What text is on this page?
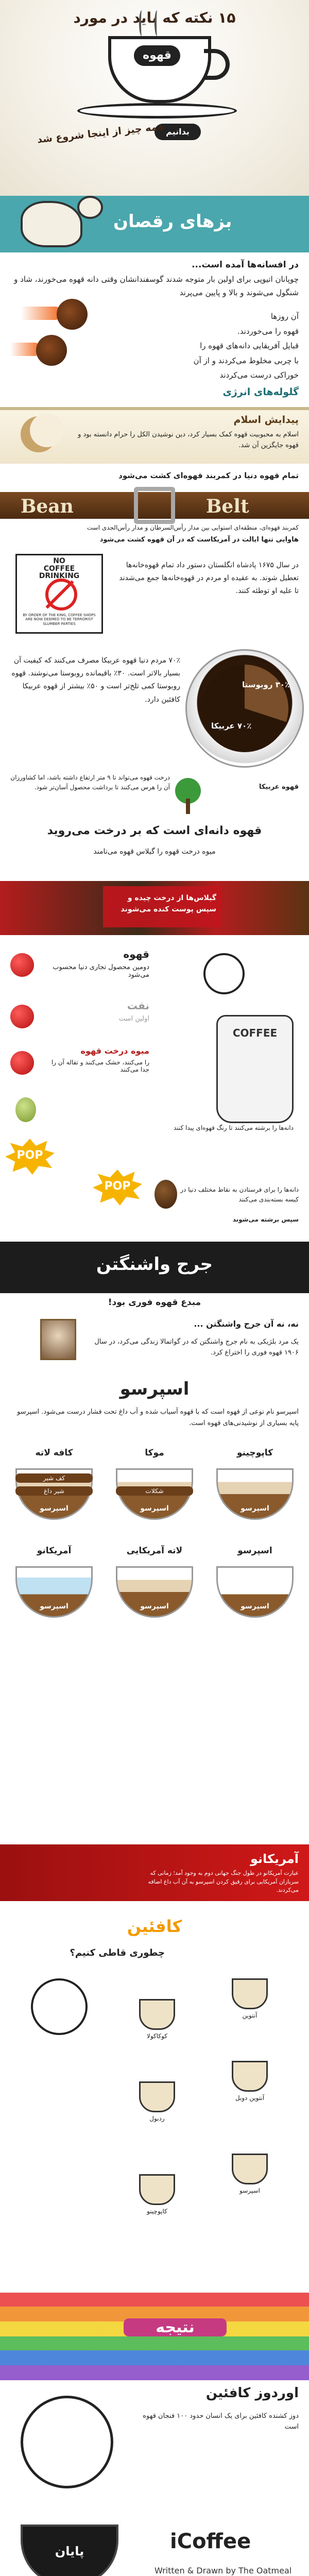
۱۵ نکته که باید در مورد
قهوه
بدانیم
همه چیز از اینجا شروع شد
بزهای رقصان
در افسانه‌ها آمده است...
چوپانان اتیوپی برای اولین بار متوجه شدند گوسفندانشان وقتی دانه قهوه می‌خورند، شاد و شنگول می‌شوند و بالا و پایین می‌پرند
آن روزها
قهوه را می‌خوردند.
قبایل آفریقایی دانه‌های قهوه را
با چربی مخلوط می‌کردند و از آن
خوراکی درست می‌کردند
گلوله‌های انرژی
پیدایش اسلام
اسلام به محبوبیت قهوه کمک بسیار کرد، دین نوشیدن الکل را حرام دانسته بود و قهوه جایگزین آن شد.
تمام قهوه دنیا در کمربند قهوه‌ای کشت می‌شود
Bean	Belt
کمربند قهوه‌ای، منطقه‌ای استوایی بین مدار رأس‌السرطان و مدار رأس‌الجدی است
هاوایی تنها ایالت در آمریکاست که در آن قهوه کشت می‌شود
NO
COFFEE
DRINKING
BY ORDER OF THE KING, COFFEE SHOPS ARE NOW DEEMED TO BE TERRORIST SLUMBER PARTIES
در سال ۱۶۷۵ پادشاه انگلستان دستور داد تمام قهوه‌خانه‌ها تعطیل شوند. به عقیده او مردم در قهوه‌خانه‌ها جمع می‌شدند تا علیه او توطئه کنند.
۳۰٪ روبوستا
۷۰٪ عربیکا
۷۰٪ مردم دنیا قهوه عربیکا مصرف می‌کنند که کیفیت آن بسیار بالاتر است. ۳۰٪ باقیمانده روبوستا می‌نوشند. قهوه روبوستا کمی تلخ‌تر است و ۵۰٪ بیشتر از قهوه عربیکا کافئین دارد.
قهوه عربیکا
درخت قهوه می‌تواند تا ۹ متر ارتفاع داشته باشد، اما کشاورزان آن را هرس می‌کنند تا برداشت محصول آسان‌تر شود.
قهوه دانه‌ای است که بر درخت می‌روید
میوه درخت قهوه را گیلاس قهوه می‌نامند
گیلاس‌ها از درخت چیده و سپس پوست کنده می‌شوند
قهوه
دومین محصول تجاری دنیا محسوب می‌شود
نفت
اولین است
میوه درخت قهوه
را می‌کنند، خشک می‌کنند و تفاله آن را جدا می‌کنند
POP
POP
COFFEE
دانه‌ها را برشته می‌کنند تا رنگ قهوه‌ای پیدا کنند
دانه‌ها را برای فرستادن به نقاط مختلف دنیا در کیسه بسته‌بندی می‌کنند
سپس برشته می‌شوند
جرج واشنگتن
مبدع قهوه فوری بود!
نه، نه آن جرج واشنگتن ...
یک مرد بلژیکی به نام جرج واشنگتن که در گواتمالا زندگی می‌کرد، در سال ۱۹۰۶ قهوه فوری را اختراع کرد.
اسپرسو
اسپرسو نام نوعی از قهوه است که با قهوه آسیاب شده و آب داغ تحت فشار درست می‌شود. اسپرسو پایه بسیاری از نوشیدنی‌های قهوه است.
کاپوچینو
اسپرسو
موکا
شکلات
اسپرسو
کافه لاته
کف شیر
شیر داغ
اسپرسو
اسپرسو
اسپرسو
لاته آمریکایی
اسپرسو
آمریکانو
اسپرسو
آمریکانو
عبارت آمریکانو در طول جنگ جهانی دوم به وجود آمد؛ زمانی که سربازان آمریکایی برای رقیق کردن اسپرسو به آن آب داغ اضافه می‌کردند.
کافئین
چطوری قاطی کنیم؟
آنتوین
کوکاکولا
آنتوین دوبل
ردبول
اسپرسو
کاپوچینو
نتیجه
اوردوز کافئین
دوز کشنده کافئین برای یک انسان حدود ۱۰۰ فنجان قهوه است
پایان	iCoffee
Written & Drawn by The Oatmeal
